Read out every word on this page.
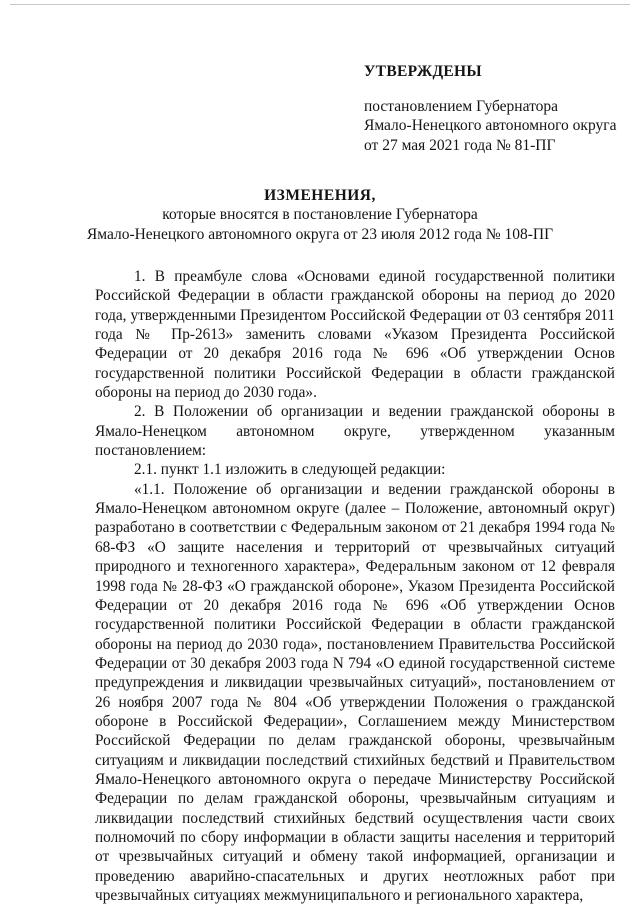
УТВЕРЖДЕНЫ
постановлением Губернатора
Ямало-Ненецкого автономного округа
от 27 мая 2021 года № 81-ПГ
ИЗМЕНЕНИЯ,
которые вносятся в постановление Губернатора
Ямало-Ненецкого автономного округа от 23 июля 2012 года № 108-ПГ

1. В преамбуле слова «Основами единой государственной политики Российской Федерации в области гражданской обороны на период до 2020 года, утвержденными Президентом Российской Федерации от 03 сентября 2011 года № Пр-2613» заменить словами «Указом Президента Российской Федерации от 20 декабря 2016 года № 696 «Об утверждении Основ государственной политики Российской Федерации в области гражданской обороны на период до 2030 года».

2. В Положении об организации и ведении гражданской обороны в Ямало-Ненецком автономном округе, утвержденном указанным постановлением:

2.1. пункт 1.1 изложить в следующей редакции:

«1.1. Положение об организации и ведении гражданской обороны в Ямало-Ненецком автономном округе (далее – Положение, автономный округ) разработано в соответствии с Федеральным законом от 21 декабря 1994 года № 68-ФЗ «О защите населения и территорий от чрезвычайных ситуаций природного и техногенного характера», Федеральным законом от 12 февраля 1998 года № 28-ФЗ «О гражданской обороне», Указом Президента Российской Федерации от 20 декабря 2016 года № 696 «Об утверждении Основ государственной политики Российской Федерации в области гражданской обороны на период до 2030 года», постановлением Правительства Российской Федерации от 30 декабря 2003 года N 794 «О единой государственной системе предупреждения и ликвидации чрезвычайных ситуаций», постановлением от 26 ноября 2007 года № 804 «Об утверждении Положения о гражданской обороне в Российской Федерации», Соглашением между Министерством Российской Федерации по делам гражданской обороны, чрезвычайным ситуациям и ликвидации последствий стихийных бедствий и Правительством Ямало-Ненецкого автономного округа о передаче Министерству Российской Федерации по делам гражданской обороны, чрезвычайным ситуациям и ликвидации последствий стихийных бедствий осуществления части своих полномочий по сбору информации в области защиты населения и территорий от чрезвычайных ситуаций и обмену такой информацией, организации и проведению аварийно-спасательных и других неотложных работ при чрезвычайных ситуациях межмуниципального и регионального характера,
